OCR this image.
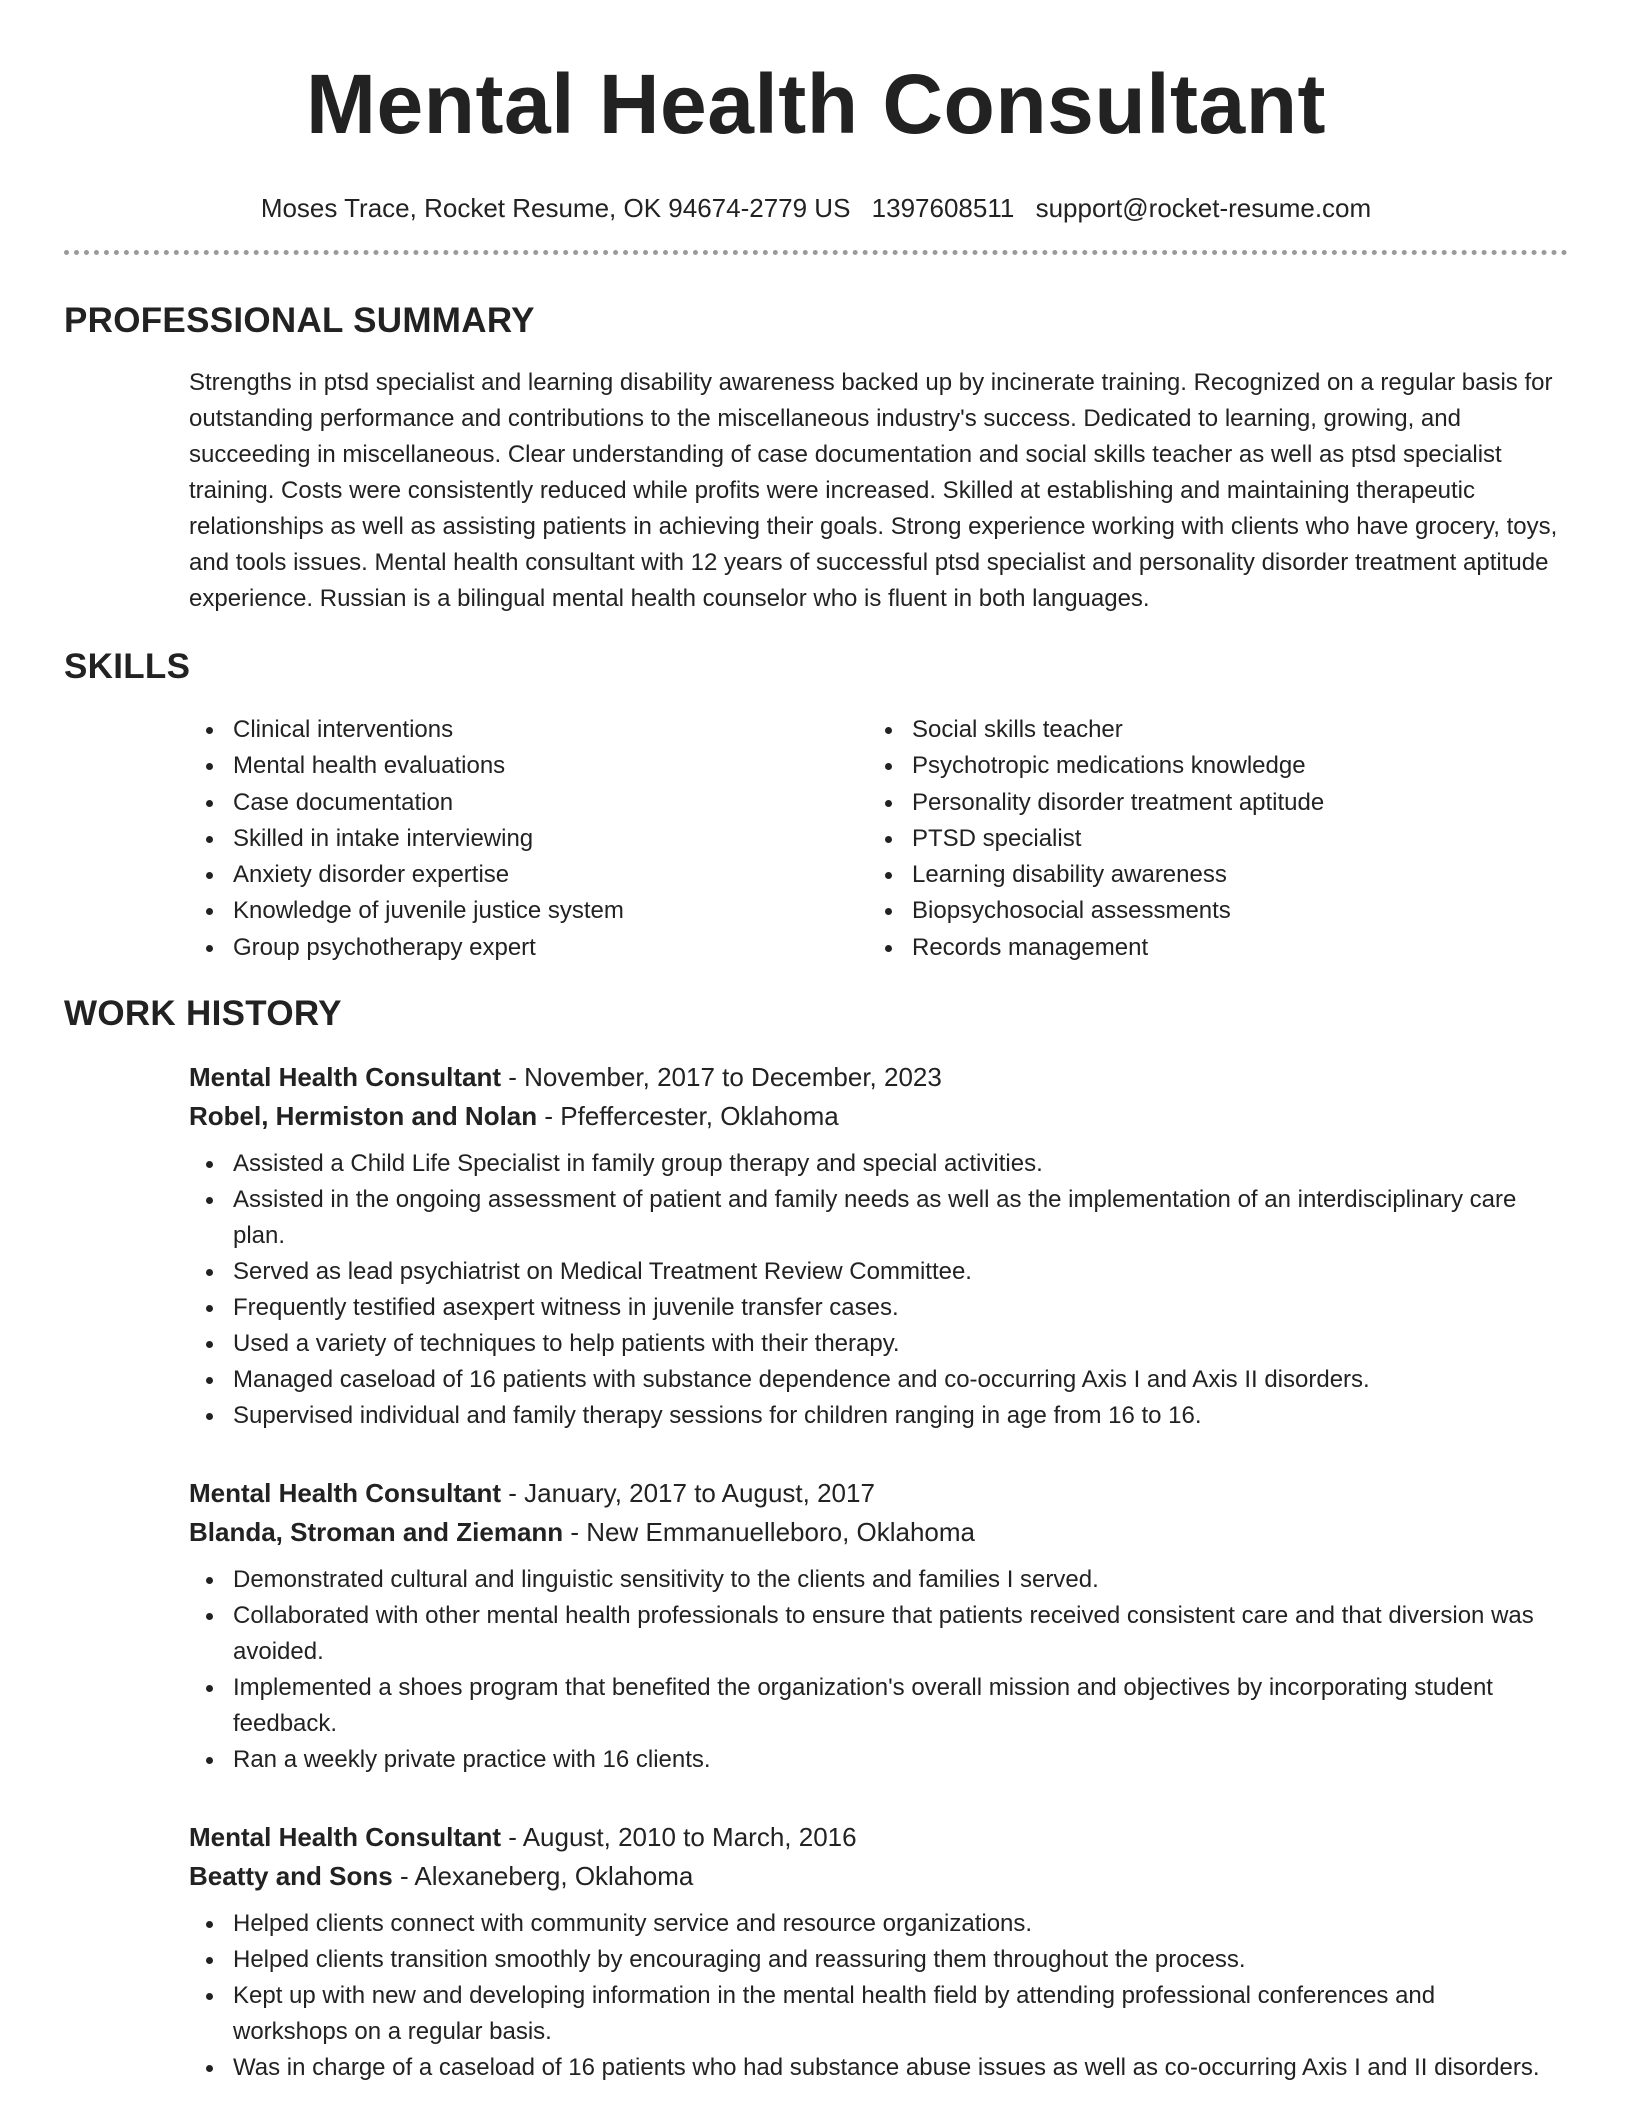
Mental Health Consultant
Moses Trace, Rocket Resume, OK 94674-2779 US 1397608511 support@rocket-resume.com
PROFESSIONAL SUMMARY

Strengths in ptsd specialist and learning disability awareness backed up by incinerate training. Recognized on a regular basis for outstanding performance and contributions to the miscellaneous industry's success. Dedicated to learning, growing, and succeeding in miscellaneous. Clear understanding of case documentation and social skills teacher as well as ptsd specialist training. Costs were consistently reduced while profits were increased. Skilled at establishing and maintaining therapeutic relationships as well as assisting patients in achieving their goals. Strong experience working with clients who have grocery, toys, and tools issues. Mental health consultant with 12 years of successful ptsd specialist and personality disorder treatment aptitude experience. Russian is a bilingual mental health counselor who is fluent in both languages.

SKILLS
Clinical interventions
Mental health evaluations
Case documentation
Skilled in intake interviewing
Anxiety disorder expertise
Knowledge of juvenile justice system
Group psychotherapy expert
Social skills teacher
Psychotropic medications knowledge
Personality disorder treatment aptitude
PTSD specialist
Learning disability awareness
Biopsychosocial assessments
Records management
WORK HISTORY
Mental Health Consultant - November, 2017 to December, 2023
Robel, Hermiston and Nolan - Pfeffercester, Oklahoma
Assisted a Child Life Specialist in family group therapy and special activities.
Assisted in the ongoing assessment of patient and family needs as well as the implementation of an interdisciplinary care plan.
Served as lead psychiatrist on Medical Treatment Review Committee.
Frequently testified asexpert witness in juvenile transfer cases.
Used a variety of techniques to help patients with their therapy.
Managed caseload of 16 patients with substance dependence and co-occurring Axis I and Axis II disorders.
Supervised individual and family therapy sessions for children ranging in age from 16 to 16.
Mental Health Consultant - January, 2017 to August, 2017
Blanda, Stroman and Ziemann - New Emmanuelleboro, Oklahoma
Demonstrated cultural and linguistic sensitivity to the clients and families I served.
Collaborated with other mental health professionals to ensure that patients received consistent care and that diversion was avoided.
Implemented a shoes program that benefited the organization's overall mission and objectives by incorporating student feedback.
Ran a weekly private practice with 16 clients.
Mental Health Consultant - August, 2010 to March, 2016
Beatty and Sons - Alexaneberg, Oklahoma
Helped clients connect with community service and resource organizations.
Helped clients transition smoothly by encouraging and reassuring them throughout the process.
Kept up with new and developing information in the mental health field by attending professional conferences and workshops on a regular basis.
Was in charge of a caseload of 16 patients who had substance abuse issues as well as co-occurring Axis I and II disorders.
